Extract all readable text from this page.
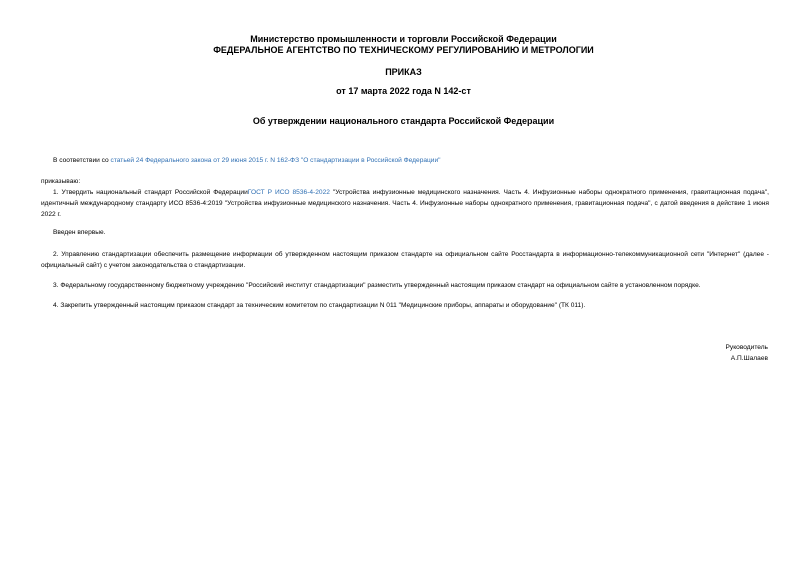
Министерство промышленности и торговли Российской Федерации
ФЕДЕРАЛЬНОЕ АГЕНТСТВО ПО ТЕХНИЧЕСКОМУ РЕГУЛИРОВАНИЮ И МЕТРОЛОГИИ
ПРИКАЗ
от 17 марта 2022 года N 142-ст
Об утверждении национального стандарта Российской Федерации
В соответствии со статьей 24 Федерального закона от 29 июня 2015 г. N 162-ФЗ "О стандартизации в Российской Федерации"
приказываю:
1. Утвердить национальный стандарт Российской ФедерацииГОСТ Р ИСО 8536-4-2022 "Устройства инфузионные медицинского назначения. Часть 4. Инфузионные наборы однократного применения, гравитационная подача", идентичный международному стандарту ИСО 8536-4:2019 "Устройства инфузионные медицинского назначения. Часть 4. Инфузионные наборы однократного применения, гравитационная подача", с датой введения в действие 1 июня 2022 г.
Введен впервые.
2. Управлению стандартизации обеспечить размещение информации об утвержденном настоящим приказом стандарте на официальном сайте Росстандарта в информационно-телекоммуникационной сети "Интернет" (далее - официальный сайт) с учетом законодательства о стандартизации.
3. Федеральному государственному бюджетному учреждению "Российский институт стандартизации" разместить утвержденный настоящим приказом стандарт на официальном сайте в установленном порядке.
4. Закрепить утвержденный настоящим приказом стандарт за техническим комитетом по стандартизации N 011 "Медицинские приборы, аппараты и оборудование" (ТК 011).
Руководитель
А.П.Шалаев
